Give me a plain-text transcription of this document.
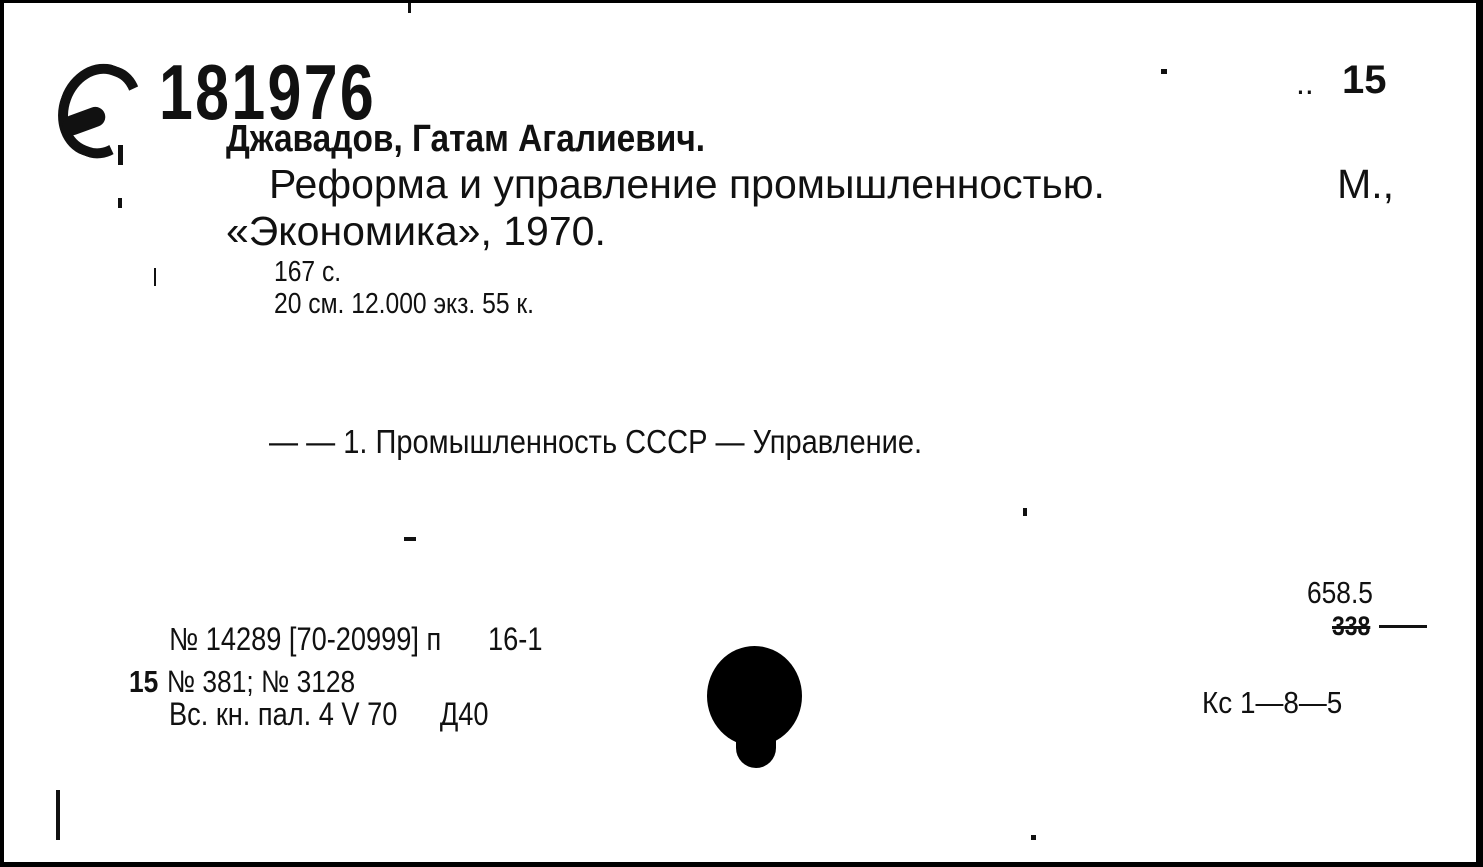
181976	.. 15

Джавадов, Гатам Агалиевич.

Реформа и управление промышленностью.	М.,

«Экономика», 1970.

167 с.

20 см. 12.000 экз. 55 к.

— — 1. Промышленность СССР — Управление.

658.5

338

№ 14289 [70-20999] п 16-1

15 № 381; № 3128

Вс. кн. пал. 4 V 70 Д40	Кс 1—8—5
